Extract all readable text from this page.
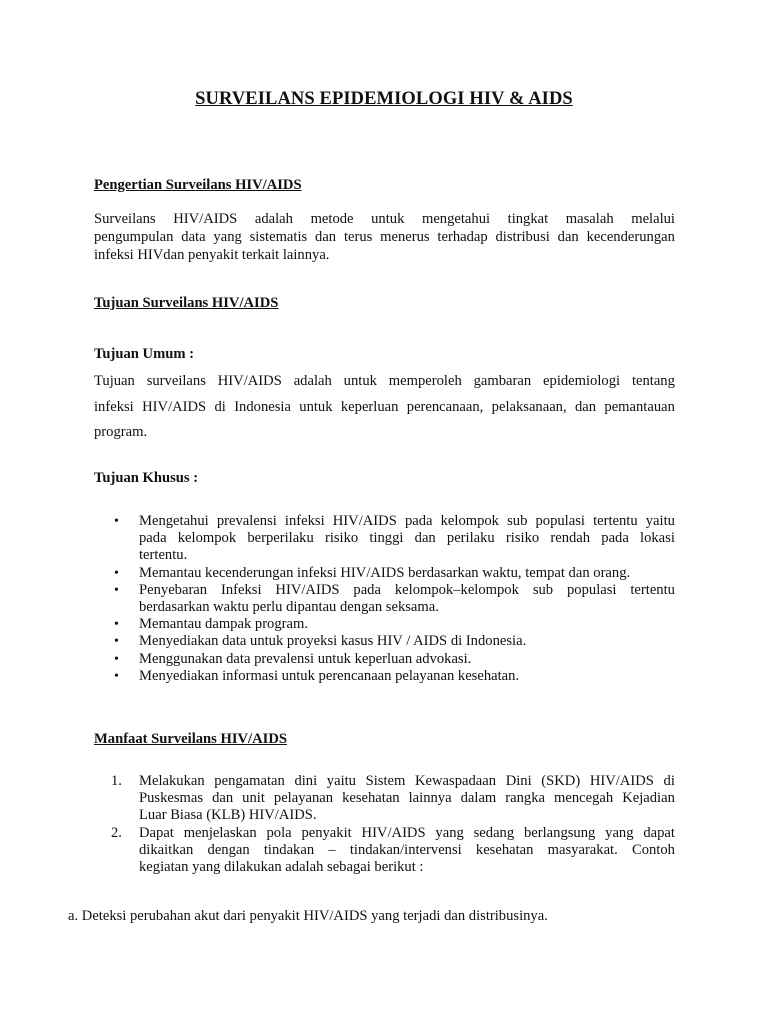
SURVEILANS EPIDEMIOLOGI HIV & AIDS
Pengertian Surveilans HIV/AIDS
Surveilans HIV/AIDS adalah metode untuk mengetahui tingkat masalah melalui
pengumpulan data yang sistematis dan terus menerus terhadap distribusi dan kecenderungan
infeksi HIVdan penyakit terkait lainnya.
Tujuan Surveilans HIV/AIDS
Tujuan Umum :
Tujuan surveilans HIV/AIDS adalah untuk memperoleh gambaran epidemiologi tentang
infeksi HIV/AIDS di Indonesia untuk keperluan perencanaan, pelaksanaan, dan pemantauan
program.
Tujuan Khusus :
• Mengetahui prevalensi infeksi HIV/AIDS pada kelompok sub populasi tertentu yaitu
pada kelompok berperilaku risiko tinggi dan perilaku risiko rendah pada lokasi
tertentu.
• Memantau kecenderungan infeksi HIV/AIDS berdasarkan waktu, tempat dan orang.
• Penyebaran Infeksi HIV/AIDS pada kelompok–kelompok sub populasi tertentu
berdasarkan waktu perlu dipantau dengan seksama.
• Memantau dampak program.
• Menyediakan data untuk proyeksi kasus HIV / AIDS di Indonesia.
• Menggunakan data prevalensi untuk keperluan advokasi.
• Menyediakan informasi untuk perencanaan pelayanan kesehatan.
Manfaat Surveilans HIV/AIDS
1. Melakukan pengamatan dini yaitu Sistem Kewaspadaan Dini (SKD) HIV/AIDS di
Puskesmas dan unit pelayanan kesehatan lainnya dalam rangka mencegah Kejadian
Luar Biasa (KLB) HIV/AIDS.
2. Dapat menjelaskan pola penyakit HIV/AIDS yang sedang berlangsung yang dapat
dikaitkan dengan tindakan – tindakan/intervensi kesehatan masyarakat. Contoh
kegiatan yang dilakukan adalah sebagai berikut :
a. Deteksi perubahan akut dari penyakit HIV/AIDS yang terjadi dan distribusinya.
